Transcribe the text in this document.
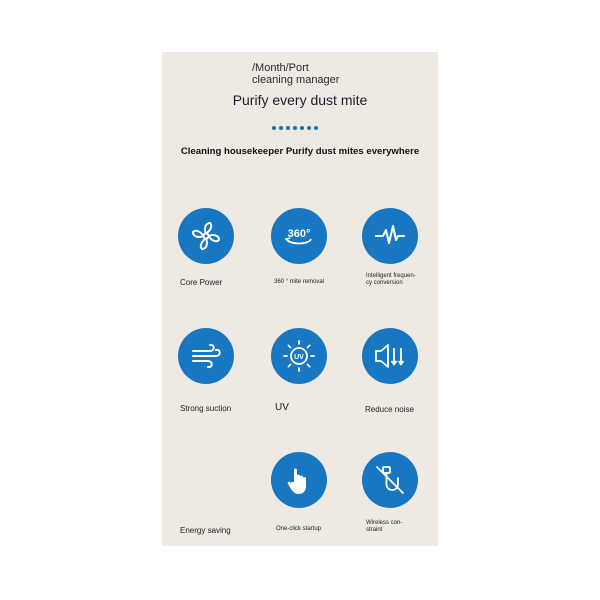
/Month/Port
cleaning manager
Purify every dust mite
Cleaning housekeeper Purify dust mites everywhere
Core Power
360°
360 ° mite removal
Intelligent frequen-
cy conversion
Strong suction
UV
UV	Reduce noise
Energy saving	One-click startup
Wireless con-
straint
